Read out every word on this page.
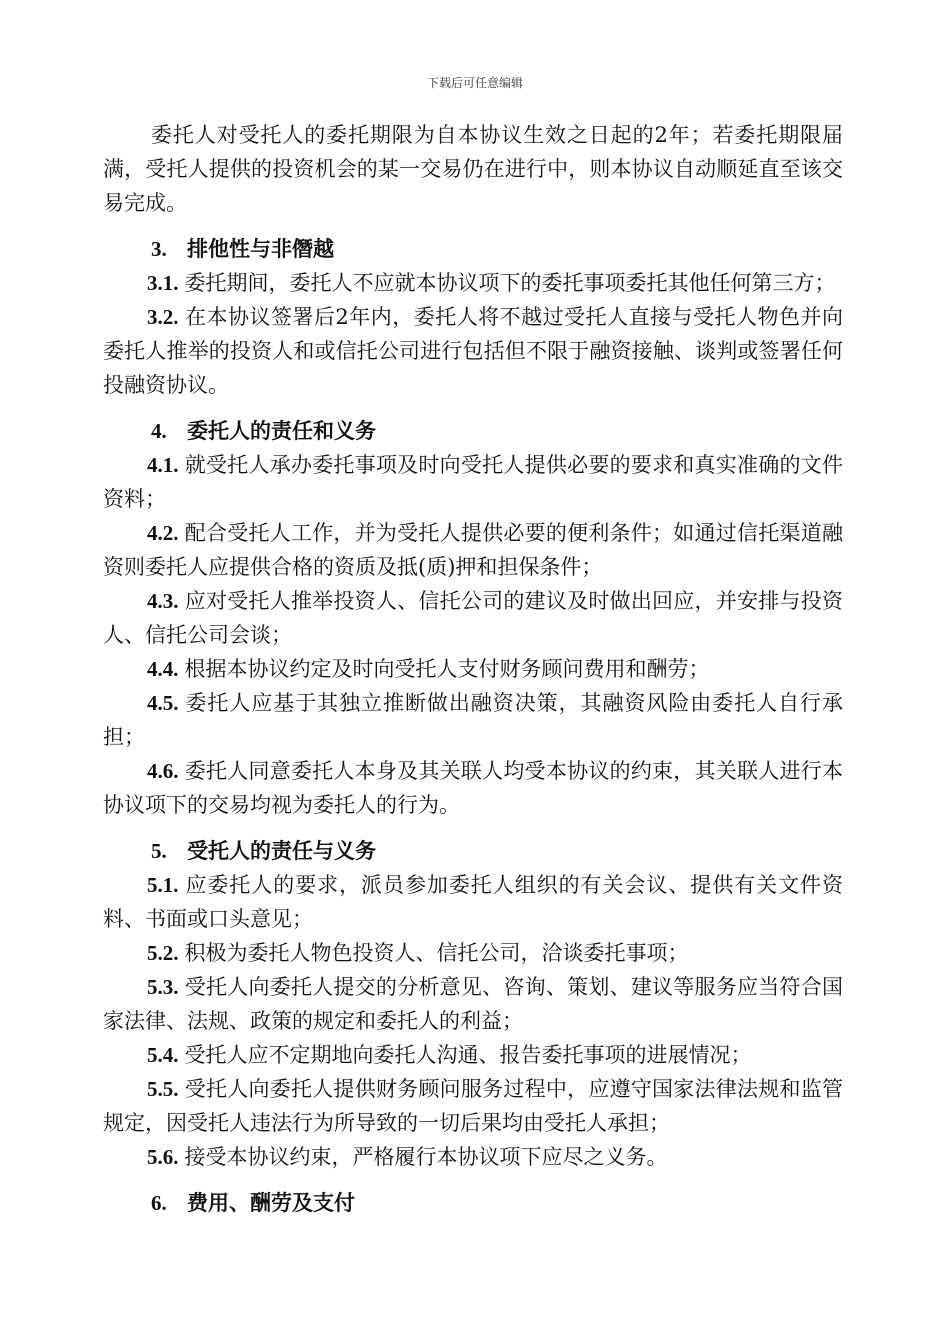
下载后可任意编辑

委托人对受托人的委托期限为自本协议生效之日起的2年；若委托期限届满，受托人提供的投资机会的某一交易仍在进行中，则本协议自动顺延直至该交易完成。

3. 排他性与非僭越

3.1. 委托期间，委托人不应就本协议项下的委托事项委托其他任何第三方；

3.2. 在本协议签署后2年内，委托人将不越过受托人直接与受托人物色并向委托人推举的投资人和或信托公司进行包括但不限于融资接触、谈判或签署任何投融资协议。

4. 委托人的责任和义务

4.1. 就受托人承办委托事项及时向受托人提供必要的要求和真实准确的文件资料；

4.2. 配合受托人工作，并为受托人提供必要的便利条件；如通过信托渠道融资则委托人应提供合格的资质及抵(质)押和担保条件；

4.3. 应对受托人推举投资人、信托公司的建议及时做出回应，并安排与投资人、信托公司会谈；

4.4. 根据本协议约定及时向受托人支付财务顾问费用和酬劳；

4.5. 委托人应基于其独立推断做出融资决策，其融资风险由委托人自行承担；

4.6. 委托人同意委托人本身及其关联人均受本协议的约束，其关联人进行本协议项下的交易均视为委托人的行为。

5. 受托人的责任与义务

5.1. 应委托人的要求，派员参加委托人组织的有关会议、提供有关文件资料、书面或口头意见；

5.2. 积极为委托人物色投资人、信托公司，洽谈委托事项；

5.3. 受托人向委托人提交的分析意见、咨询、策划、建议等服务应当符合国家法律、法规、政策的规定和委托人的利益；

5.4. 受托人应不定期地向委托人沟通、报告委托事项的进展情况；

5.5. 受托人向委托人提供财务顾问服务过程中，应遵守国家法律法规和监管规定，因受托人违法行为所导致的一切后果均由受托人承担；

5.6. 接受本协议约束，严格履行本协议项下应尽之义务。

6. 费用、酬劳及支付
